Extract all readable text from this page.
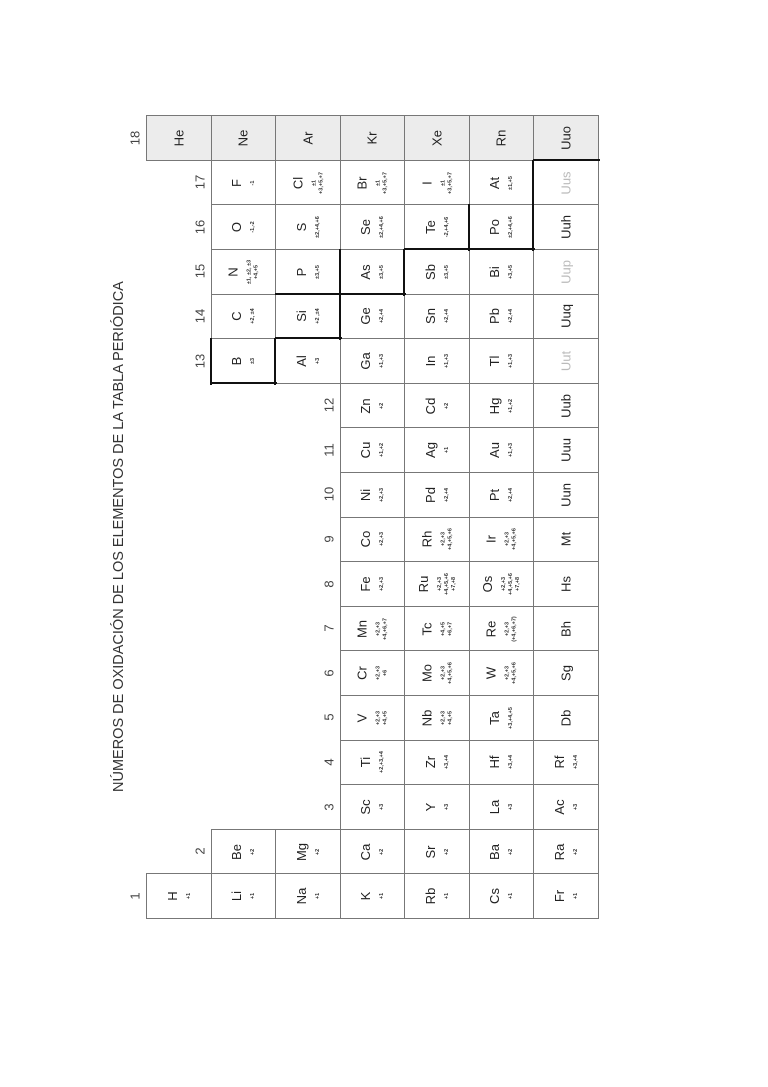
NÚMEROS DE OXIDACIÓN DE LOS ELEMENTOS DE LA TABLA PERIÓDICA
H +1
He
Li +1
Be +2
B ±3
C +2, ±4
N
±1, ±2, ±3
+4,+5
O -1,-2
F -1
Ne
Na +1
Mg +2
Al +3
Si +2 ,±4
P ±3,+5
S ±2,+4,+6
Cl ±1
+3,+5,+7
Ar
K +1
Ca +2
Sc +3
Ti +2,+3,+4
V +2,+3
+4,+5
Cr +2,+3
+6
Mn +2,+3
+4,+6,+7
Fe +2,+3
Co +2,+3
Ni +2,+3
Cu +1,+2
Zn +2
Ga +1,+3
Ge +2,+4
As ±3,+5
Se ±2,+4,+6
Br ±1
+3,+5,+7
Kr
Rb +1
Sr +2
Y +3
Zr +3,+4
Nb +2,+3
+4,+5
Mo +2,+3
+4,+5,+6
Tc +4,+5
+6,+7
Ru +2,+3
+4,+5,+6
+7,+8
Rh +2,+3
+4,+5,+6
Pd +2,+4
Ag +1
Cd +2
In +1,+3
Sn +2,+4
Sb ±3,+5
Te -2,+4,+6
I ±1
+3,+5,+7
Xe
Cs +1
Ba +2
La +3
Hf +3,+4
Ta +3,+4,+5
W +2,+3
+4,+5,+6
Re +2,+3
(+4,+6,+7)
Os +2,+3
+4,+5,+6
+7,+8
Ir +2,+3
+4,+5,+6
Pt +2,+4
Au +1,+3
Hg +1,+2
Tl +1,+3
Pb +2,+4
Bi +3,+5
Po ±2,+4,+6
At ±1,+5
Rn
Fr +1
Ra +2
Ac +3
Rf +3,+4
Db
Sg
Bh
Hs
Mt
Uun
Uuu
Uub
Uut
Uuq
Uup
Uuh
Uus
Uuo
1
2
3
4
5
6
7
8
9
10
11
12
13
14
15
16
17
18
